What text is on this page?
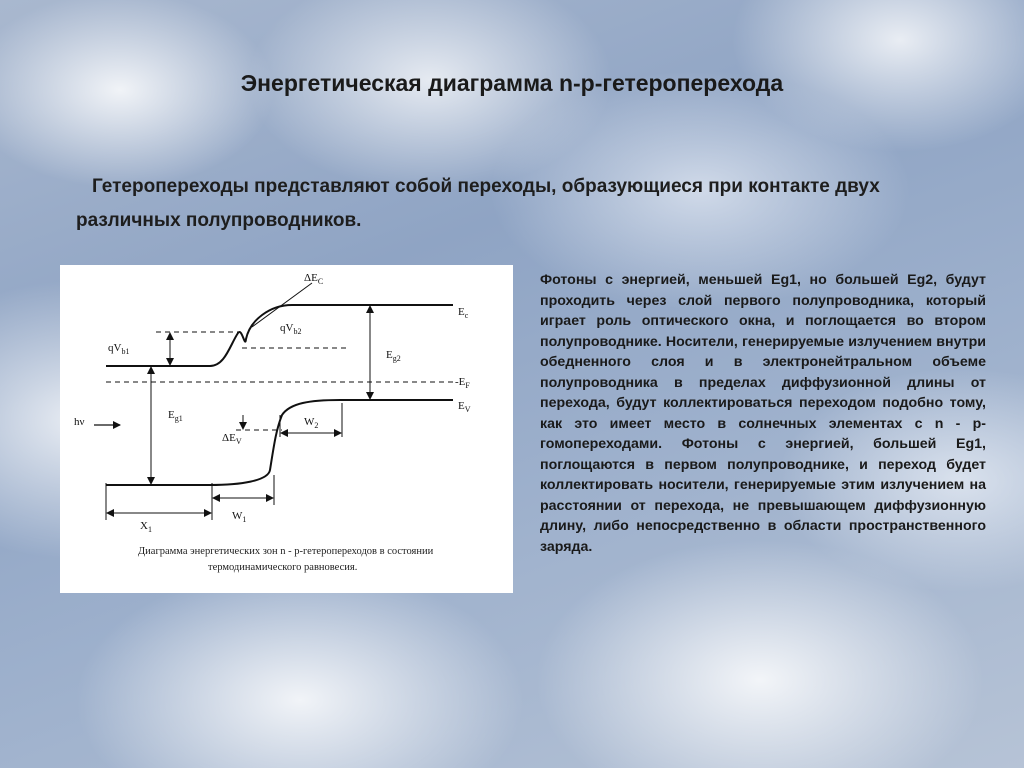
Энергетическая диаграмма n-p-гетероперехода

Гетеропереходы представляют собой переходы, образующиеся при контакте двух различных полупроводников.

$\Delta E_C$
$E_c$
$qV_{b1}$
$qV_{b2}$
$E_{g2}$
$-E_F$
hν
$E_{g1}$
$E_V$
$W_2$
$\Delta E_V$
$X_1$
$W_1$
Диаграмма энергетических зон n - p-гетеропереходов в состоянии
термодинамического равновесия.

Фотоны с энергией, меньшей Eg1, но большей Eg2, будут проходить через слой первого полупроводника, который играет роль оптического окна, и поглощается во втором полупроводнике. Носители, генерируемые излучением внутри обедненного слоя и в электронейтральном объеме полупроводника в пределах диффузионной длины от перехода, будут коллектироваться переходом подобно тому, как это имеет место в солнечных элементах с n - p-гомопереходами. Фотоны с энергией, большей Eg1, поглощаются в первом полупроводнике, и переход будет коллектировать носители, генерируемые этим излучением на расстоянии от перехода, не превышающем диффузионную длину, либо непосредственно в области пространственного заряда.
